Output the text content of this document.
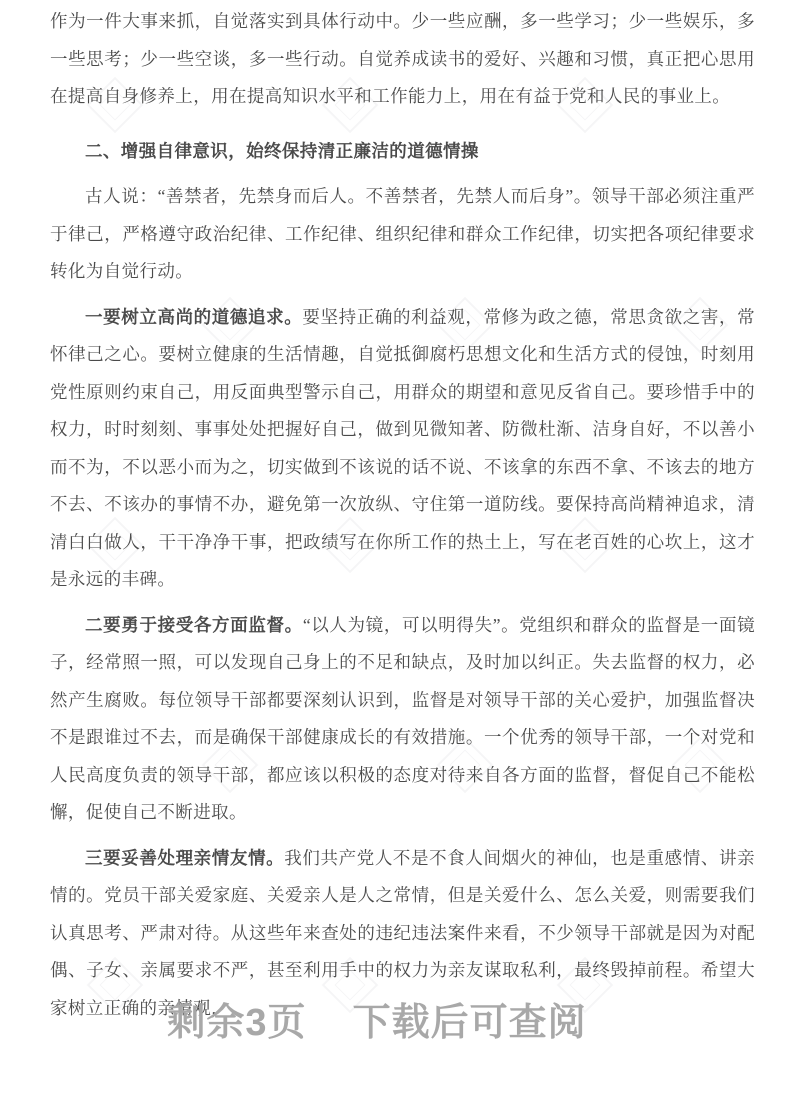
作为一件大事来抓，自觉落实到具体行动中。少一些应酬，多一些学习；少一些娱乐，多一些思考；少一些空谈，多一些行动。自觉养成读书的爱好、兴趣和习惯，真正把心思用在提高自身修养上，用在提高知识水平和工作能力上，用在有益于党和人民的事业上。

二、增强自律意识，始终保持清正廉洁的道德情操

古人说：“善禁者，先禁身而后人。不善禁者，先禁人而后身”。领导干部必须注重严于律己，严格遵守政治纪律、工作纪律、组织纪律和群众工作纪律，切实把各项纪律要求转化为自觉行动。

一要树立高尚的道德追求。要坚持正确的利益观，常修为政之德，常思贪欲之害，常怀律己之心。要树立健康的生活情趣，自觉抵御腐朽思想文化和生活方式的侵蚀，时刻用党性原则约束自己，用反面典型警示自己，用群众的期望和意见反省自己。要珍惜手中的权力，时时刻刻、事事处处把握好自己，做到见微知著、防微杜渐、洁身自好，不以善小而不为，不以恶小而为之，切实做到不该说的话不说、不该拿的东西不拿、不该去的地方不去、不该办的事情不办，避免第一次放纵、守住第一道防线。要保持高尚精神追求，清清白白做人，干干净净干事，把政绩写在你所工作的热土上，写在老百姓的心坎上，这才是永远的丰碑。

二要勇于接受各方面监督。“以人为镜，可以明得失”。党组织和群众的监督是一面镜子，经常照一照，可以发现自己身上的不足和缺点，及时加以纠正。失去监督的权力，必然产生腐败。每位领导干部都要深刻认识到，监督是对领导干部的关心爱护，加强监督决不是跟谁过不去，而是确保干部健康成长的有效措施。一个优秀的领导干部，一个对党和人民高度负责的领导干部，都应该以积极的态度对待来自各方面的监督，督促自己不能松懈，促使自己不断进取。

三要妥善处理亲情友情。我们共产党人不是不食人间烟火的神仙，也是重感情、讲亲情的。党员干部关爱家庭、关爱亲人是人之常情，但是关爱什么、怎么关爱，则需要我们认真思考、严肃对待。从这些年来查处的违纪违法案件来看，不少领导干部就是因为对配偶、子女、亲属要求不严，甚至利用手中的权力为亲友谋取私利，最终毁掉前程。希望大家树立正确的亲情观，

剩余3页 下载后可查阅
